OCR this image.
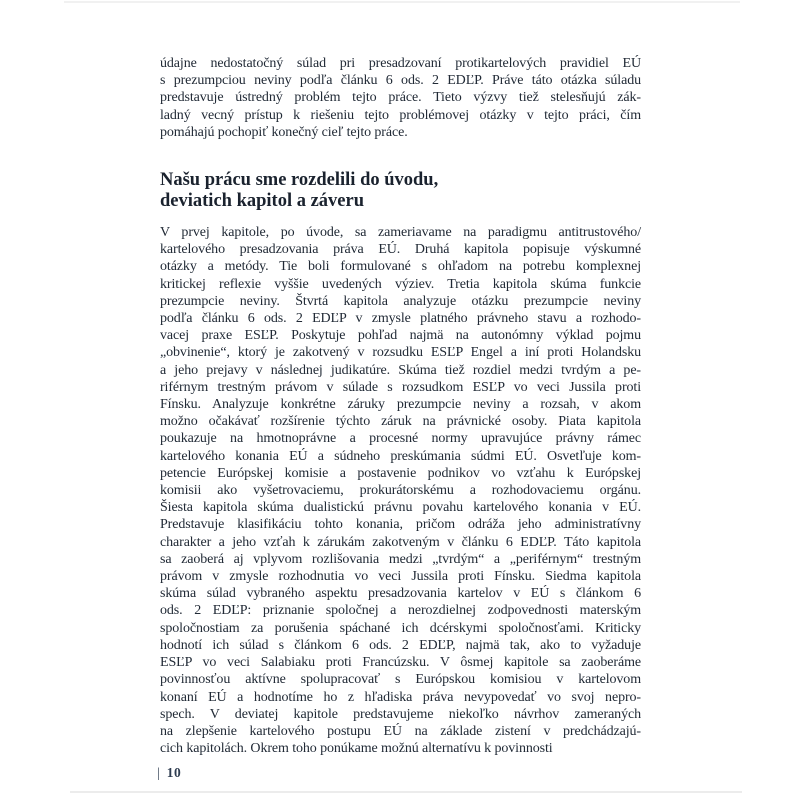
údajne nedostatočný súlad pri presadzovaní protikartelových pravidiel EÚ
s prezumpciou neviny podľa článku 6 ods. 2 EDĽP. Práve táto otázka súladu
predstavuje ústredný problém tejto práce. Tieto výzvy tiež stelesňujú zák-
ladný vecný prístup k riešeniu tejto problémovej otázky v tejto práci, čím
pomáhajú pochopiť konečný cieľ tejto práce.
Našu prácu sme rozdelili do úvodu,
deviatich kapitol a záveru
V prvej kapitole, po úvode, sa zameriavame na paradigmu antitrustového/
kartelového presadzovania práva EÚ. Druhá kapitola popisuje výskumné
otázky a metódy. Tie boli formulované s ohľadom na potrebu komplexnej
kritickej reflexie vyššie uvedených výziev. Tretia kapitola skúma funkcie
prezumpcie neviny. Štvrtá kapitola analyzuje otázku prezumpcie neviny
podľa článku 6 ods. 2 EDĽP v zmysle platného právneho stavu a rozhodo-
vacej praxe ESĽP. Poskytuje pohľad najmä na autonómny výklad pojmu
„obvinenie“, ktorý je zakotvený v rozsudku ESĽP Engel a iní proti Holandsku
a jeho prejavy v následnej judikatúre. Skúma tiež rozdiel medzi tvrdým a pe-
riférnym trestným právom v súlade s rozsudkom ESĽP vo veci Jussila proti
Fínsku. Analyzuje konkrétne záruky prezumpcie neviny a rozsah, v akom
možno očakávať rozšírenie týchto záruk na právnické osoby. Piata kapitola
poukazuje na hmotnoprávne a procesné normy upravujúce právny rámec
kartelového konania EÚ a súdneho preskúmania súdmi EÚ. Osvetľuje kom-
petencie Európskej komisie a postavenie podnikov vo vzťahu k Európskej
komisii ako vyšetrovaciemu, prokurátorskému a rozhodovaciemu orgánu.
Šiesta kapitola skúma dualistickú právnu povahu kartelového konania v EÚ.
Predstavuje klasifikáciu tohto konania, pričom odráža jeho administratívny
charakter a jeho vzťah k zárukám zakotveným v článku 6 EDĽP. Táto kapitola
sa zaoberá aj vplyvom rozlišovania medzi „tvrdým“ a „periférnym“ trestným
právom v zmysle rozhodnutia vo veci Jussila proti Fínsku. Siedma kapitola
skúma súlad vybraného aspektu presadzovania kartelov v EÚ s článkom 6
ods. 2 EDĽP: priznanie spoločnej a nerozdielnej zodpovednosti materským
spoločnostiam za porušenia spáchané ich dcérskymi spoločnosťami. Kriticky
hodnotí ich súlad s článkom 6 ods. 2 EDĽP, najmä tak, ako to vyžaduje
ESĽP vo veci Salabiaku proti Francúzsku. V ôsmej kapitole sa zaoberáme
povinnosťou aktívne spolupracovať s Európskou komisiou v kartelovom
konaní EÚ a hodnotíme ho z hľadiska práva nevypovedať vo svoj nepro-
spech. V deviatej kapitole predstavujeme niekoľko návrhov zameraných
na zlepšenie kartelového postupu EÚ na základe zistení v predchádzajú-
cich kapitolách. Okrem toho ponúkame možnú alternatívu k povinnosti
| 10
